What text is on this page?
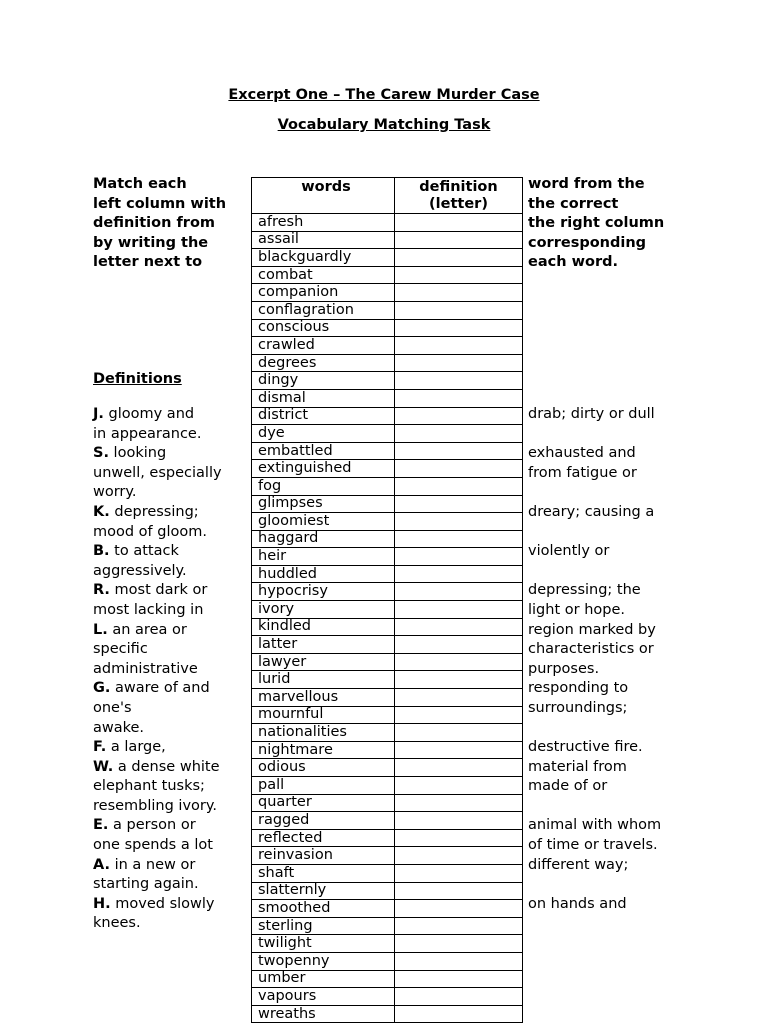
Excerpt One – The Carew Murder Case
Vocabulary Matching Task
Match each
left column with
definition from
by writing the
letter next to
word from the
the correct
the right column
corresponding
each word.
Definitions
J. gloomy and
in appearance.
S. looking
unwell, especially
worry.
K. depressing;
mood of gloom.
B. to attack
aggressively.
R. most dark or
most lacking in
L. an area or
specific
administrative
G. aware of and
one's
awake.
F. a large,
W. a dense white
elephant tusks;
resembling ivory.
E. a person or
one spends a lot
A. in a new or
starting again.
H. moved slowly
knees.
drab; dirty or dull
exhausted and
from fatigue or
dreary; causing a
violently or
depressing; the
light or hope.
region marked by
characteristics or
purposes.
responding to
surroundings;
destructive fire.
material from
made of or
animal with whom
of time or travels.
different way;
on hands and
words	definition
(letter)
afresh	
assail	
blackguardly	
combat	
companion	
conflagration	
conscious	
crawled	
degrees	
dingy	
dismal	
district	
dye	
embattled	
extinguished	
fog	
glimpses	
gloomiest	
haggard	
heir	
huddled	
hypocrisy	
ivory	
kindled	
latter	
lawyer	
lurid	
marvellous	
mournful	
nationalities	
nightmare	
odious	
pall	
quarter	
ragged	
reflected	
reinvasion	
shaft	
slatternly	
smoothed	
sterling	
twilight	
twopenny	
umber	
vapours	
wreaths	
